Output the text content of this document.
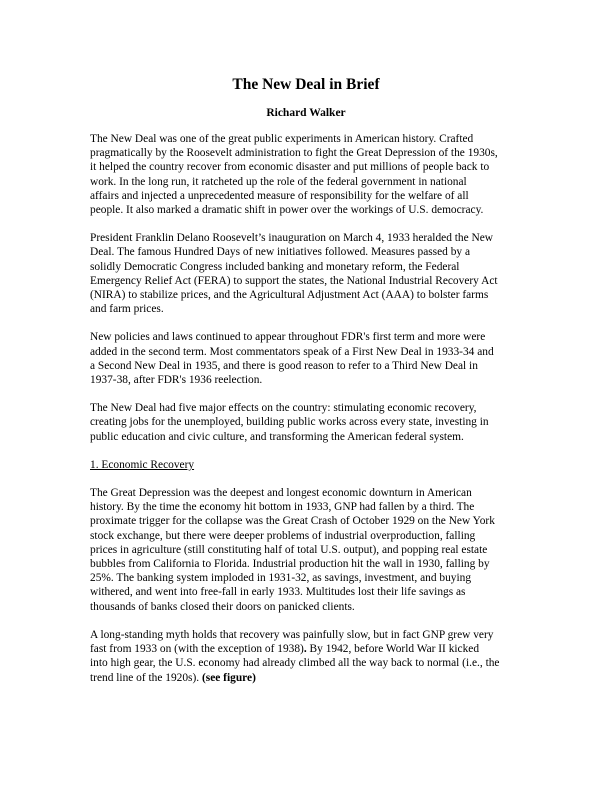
The New Deal in Brief
Richard Walker
The New Deal was one of the great public experiments in American history. Crafted
pragmatically by the Roosevelt administration to fight the Great Depression of the 1930s,
it helped the country recover from economic disaster and put millions of people back to
work. In the long run, it ratcheted up the role of the federal government in national
affairs and injected a unprecedented measure of responsibility for the welfare of all
people. It also marked a dramatic shift in power over the workings of U.S. democracy.
President Franklin Delano Roosevelt’s inauguration on March 4, 1933 heralded the New
Deal. The famous Hundred Days of new initiatives followed. Measures passed by a
solidly Democratic Congress included banking and monetary reform, the Federal
Emergency Relief Act (FERA) to support the states, the National Industrial Recovery Act
(NIRA) to stabilize prices, and the Agricultural Adjustment Act (AAA) to bolster farms
and farm prices.
New policies and laws continued to appear throughout FDR's first term and more were
added in the second term. Most commentators speak of a First New Deal in 1933-34 and
a Second New Deal in 1935, and there is good reason to refer to a Third New Deal in
1937-38, after FDR's 1936 reelection.
The New Deal had five major effects on the country: stimulating economic recovery,
creating jobs for the unemployed, building public works across every state, investing in
public education and civic culture, and transforming the American federal system.
1. Economic Recovery
The Great Depression was the deepest and longest economic downturn in American
history. By the time the economy hit bottom in 1933, GNP had fallen by a third. The
proximate trigger for the collapse was the Great Crash of October 1929 on the New York
stock exchange, but there were deeper problems of industrial overproduction, falling
prices in agriculture (still constituting half of total U.S. output), and popping real estate
bubbles from California to Florida. Industrial production hit the wall in 1930, falling by
25%. The banking system imploded in 1931-32, as savings, investment, and buying
withered, and went into free-fall in early 1933. Multitudes lost their life savings as
thousands of banks closed their doors on panicked clients.
A long-standing myth holds that recovery was painfully slow, but in fact GNP grew very
fast from 1933 on (with the exception of 1938). By 1942, before World War II kicked
into high gear, the U.S. economy had already climbed all the way back to normal (i.e., the
trend line of the 1920s). (see figure)
